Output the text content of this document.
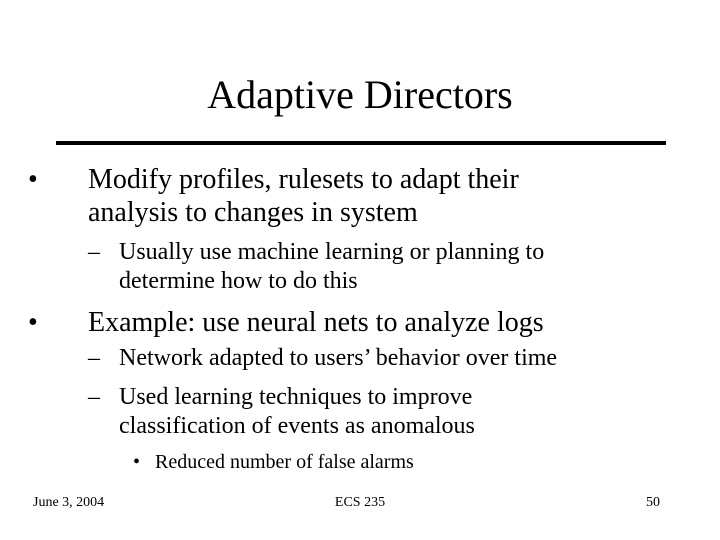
Adaptive Directors
• Modify profiles, rulesets to adapt their
analysis to changes in system
– Usually use machine learning or planning to
determine how to do this
• Example: use neural nets to analyze logs
– Network adapted to users’ behavior over time
– Used learning techniques to improve
classification of events as anomalous
• Reduced number of false alarms
June 3, 2004	ECS 235	50
